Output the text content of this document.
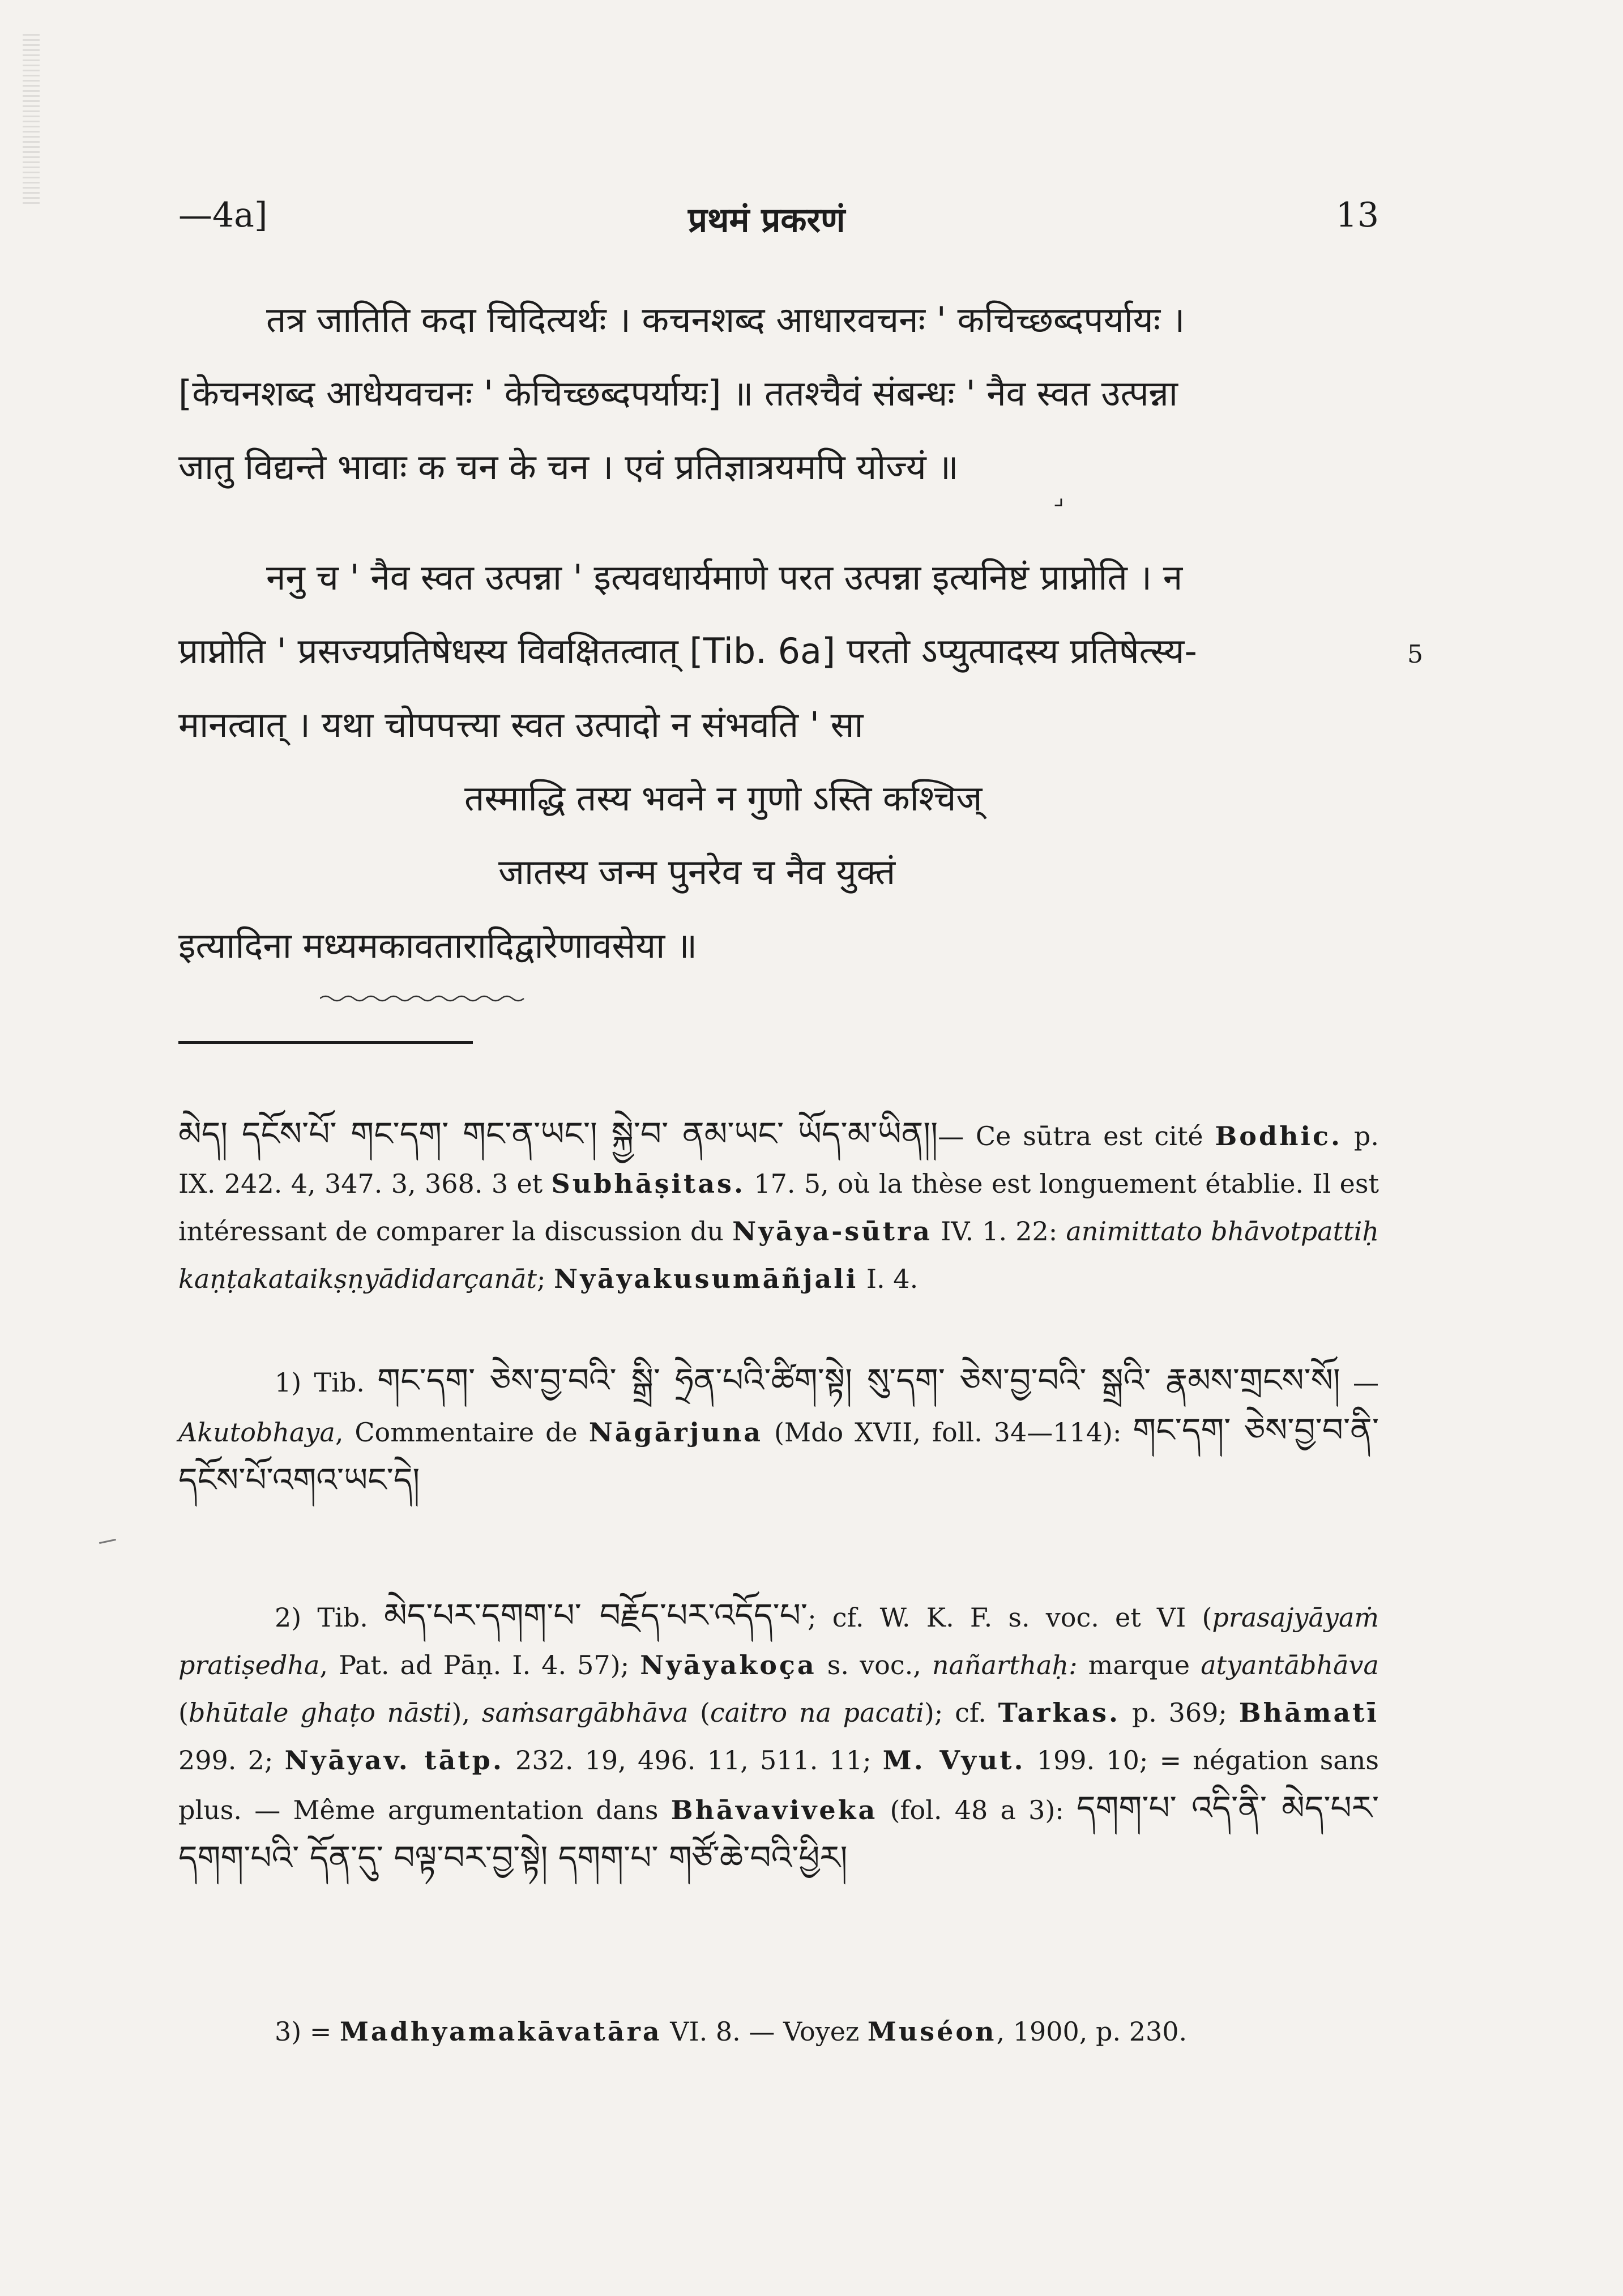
—4a]	प्रथमं प्रकरणं	13
तत्र जातिति कदा चिदित्यर्थः । कचनशब्द आधारवचनः ' कचिच्छब्दपर्यायः ।
[केचनशब्द आधेयवचनः ' केचिच्छब्दपर्यायः] ॥ ततश्चैवं संबन्धः ' नैव स्वत उत्पन्ना
जातु विद्यन्ते भावाः क चन के चन । एवं प्रतिज्ञात्रयमपि योज्यं ॥
⌟
ननु च ' नैव स्वत उत्पन्ना ' इत्यवधार्यमाणे परत उत्पन्ना इत्यनिष्टं प्राप्नोति । न
प्राप्नोति ' प्रसज्यप्रतिषेधस्य विवक्षितत्वात् [Tib. 6a] परतो ऽप्युत्पादस्य प्रतिषेत्स्य-	5
मानत्वात् । यथा चोपपत्त्या स्वत उत्पादो न संभवति ' सा
तस्माद्धि तस्य भवने न गुणो ऽस्ति कश्चिज्
जातस्य जन्म पुनरेव च नैव युक्तं
इत्यादिना मध्यमकावतारादिद्वारेणावसेया ॥
མེད། དངོས་པོ་ གང་དག་ གང་ན་ཡང་། སྐྱེ་བ་ ནམ་ཡང་ ཡོད་མ་ཡིན།།— Ce sūtra est cité Bodhic. p. IX. 242. 4, 347. 3, 368. 3 et Subhāṣitas. 17. 5, où la thèse est longuement établie. Il est intéressant de comparer la discussion du Nyāya-sūtra IV. 1. 22: animittato bhāvotpattiḥ kaṇṭakataikṣṇyādidarçanāt; Nyāyakusumāñjali I. 4.
1) Tib. གང་དག་ ཅེས་བྱ་བའི་ སྒྲི་ ཧྲེན་པའི་ཚིག་སྟེ། སུ་དག་ ཅེས་བྱ་བའི་ སྒྲའི་ རྣམས་གྲངས་སོ། — Akutobhaya, Commentaire de Nāgārjuna (Mdo XVII, foll. 34—114): གང་དག་ ཅེས་བྱ་བ་ནི་ དངོས་པོ་འགའ་ཡང་དེ།
2) Tib. མེད་པར་དགག་པ་ བརྗོད་པར་འདོད་པ་; cf. W. K. F. s. voc. et VI (prasajyāyaṁ pratiṣedha, Pat. ad Pāṇ. I. 4. 57); Nyāyakoça s. voc., nañarthaḥ: marque atyantābhāva (bhūtale ghaṭo nāsti), saṁsargābhāva (caitro na pacati); cf. Tarkas. p. 369; Bhāmatī 299. 2; Nyāyav. tātp. 232. 19, 496. 11, 511. 11; M. Vyut. 199. 10; = négation sans plus. — Même argumentation dans Bhāvaviveka (fol. 48 a 3): དགག་པ་ འདི་ནི་ མེད་པར་དགག་པའི་ དོན་དུ་ བལྟ་བར་བྱ་སྟེ། དགག་པ་ གཙོ་ཆེ་བའི་ཕྱིར།
3) = Madhyamakāvatāra VI. 8. — Voyez Muséon, 1900, p. 230.
